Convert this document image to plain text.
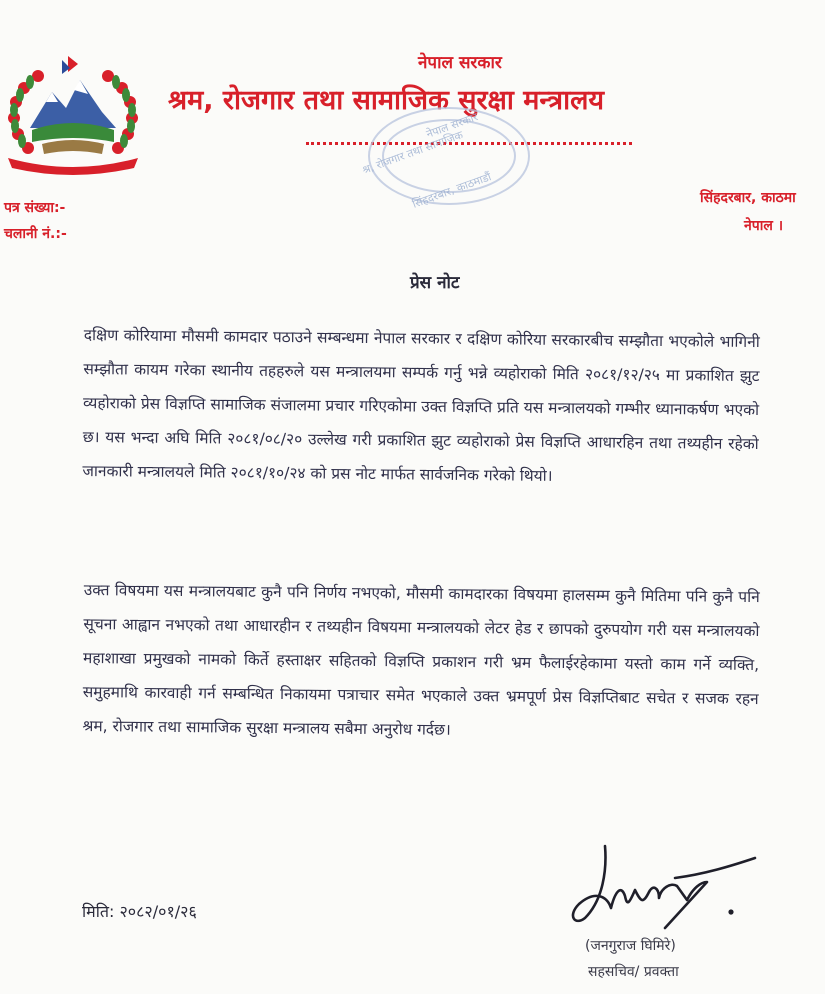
नेपाल सरकार
श्रम, रोजगार तथा सामाजिक सुरक्षा मन्त्रालय
नेपाल सरकार
श्र, रोजगार तथा सामाजिक
सिंहदरबार, काठमाडौं
पत्र संख्या:-
चलानी नं.:-
सिंहदरबार, काठमा
नेपाल ।
प्रेस नोट
दक्षिण कोरियामा मौसमी कामदार पठाउने सम्बन्धमा नेपाल सरकार र दक्षिण कोरिया सरकारबीच सम्झौता भएकोले भागिनी सम्झौता कायम गरेका स्थानीय तहहरुले यस मन्त्रालयमा सम्पर्क गर्नु भन्ने व्यहोराको मिति २०८१/१२/२५ मा प्रकाशित झुट व्यहोराको प्रेस विज्ञप्ति सामाजिक संजालमा प्रचार गरिएकोमा उक्त विज्ञप्ति प्रति यस मन्त्रालयको गम्भीर ध्यानाकर्षण भएको छ। यस भन्दा अघि मिति २०८१/०८/२० उल्लेख गरी प्रकाशित झुट व्यहोराको प्रेस विज्ञप्ति आधारहिन तथा तथ्यहीन रहेको जानकारी मन्त्रालयले मिति २०८१/१०/२४ को प्रस नोट मार्फत सार्वजनिक गरेको थियो।
उक्त विषयमा यस मन्त्रालयबाट कुनै पनि निर्णय नभएको, मौसमी कामदारका विषयमा हालसम्म कुनै मितिमा पनि कुनै पनि सूचना आह्वान नभएको तथा आधारहीन र तथ्यहीन विषयमा मन्त्रालयको लेटर हेड र छापको दुरुपयोग गरी यस मन्त्रालयको महाशाखा प्रमुखको नामको किर्ते हस्ताक्षर सहितको विज्ञप्ति प्रकाशन गरी भ्रम फैलाईरहेकामा यस्तो काम गर्ने व्यक्ति, समुहमाथि कारवाही गर्न सम्बन्धित निकायमा पत्राचार समेत भएकाले उक्त भ्रमपूर्ण प्रेस विज्ञप्तिबाट सचेत र सजक रहन श्रम, रोजगार तथा सामाजिक सुरक्षा मन्त्रालय सबैमा अनुरोध गर्दछ।
मिति: २०८२/०१/२६
(जनगुराज घिमिरे)
सहसचिव/ प्रवक्ता
